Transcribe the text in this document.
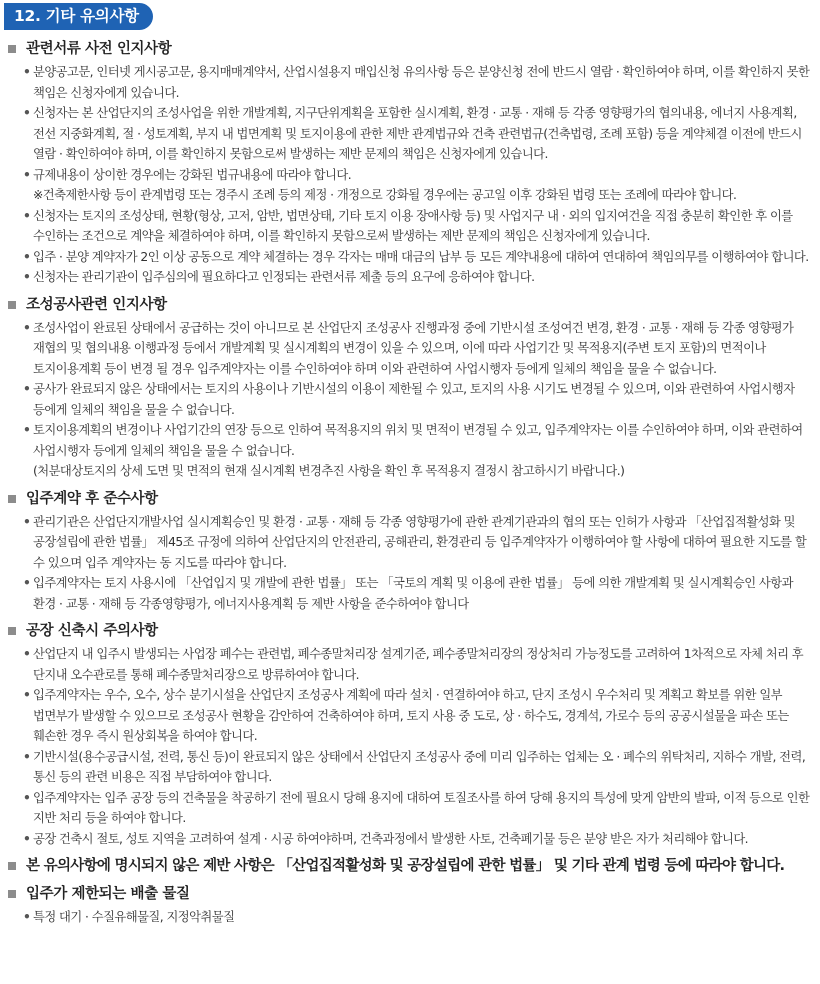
12. 기타 유의사항
관련서류 사전 인지사항
• 분양공고문, 인터넷 게시공고문, 용지매매계약서, 산업시설용지 매입신청 유의사항 등은 분양신청 전에 반드시 열람 · 확인하여야 하며, 이를 확인하지 못한 책임은 신청자에게 있습니다.
• 신청자는 본 산업단지의 조성사업을 위한 개발계획, 지구단위계획을 포함한 실시계획, 환경 · 교통 · 재해 등 각종 영향평가의 협의내용, 에너지 사용계획, 전선 지중화계획, 절 · 성토계획, 부지 내 법면계획 및 토지이용에 관한 제반 관계법규와 건축 관련법규(건축법령, 조례 포함) 등을 계약체결 이전에 반드시 열람 · 확인하여야 하며, 이를 확인하지 못함으로써 발생하는 제반 문제의 책임은 신청자에게 있습니다.
• 규제내용이 상이한 경우에는 강화된 법규내용에 따라야 합니다.
※건축제한사항 등이 관계법령 또는 경주시 조례 등의 제정 · 개정으로 강화될 경우에는 공고일 이후 강화된 법령 또는 조례에 따라야 합니다.
• 신청자는 토지의 조성상태, 현황(형상, 고저, 암반, 법면상태, 기타 토지 이용 장애사항 등) 및 사업지구 내 · 외의 입지여건을 직접 충분히 확인한 후 이를 수인하는 조건으로 계약을 체결하여야 하며, 이를 확인하지 못함으로써 발생하는 제반 문제의 책임은 신청자에게 있습니다.
• 입주 · 분양 계약자가 2인 이상 공동으로 계약 체결하는 경우 각자는 매매 대금의 납부 등 모든 계약내용에 대하여 연대하여 책임의무를 이행하여야 합니다.
• 신청자는 관리기관이 입주심의에 필요하다고 인정되는 관련서류 제출 등의 요구에 응하여야 합니다.
조성공사관련 인지사항
• 조성사업이 완료된 상태에서 공급하는 것이 아니므로 본 산업단지 조성공사 진행과정 중에 기반시설 조성여건 변경, 환경 · 교통 · 재해 등 각종 영향평가 재협의 및 협의내용 이행과정 등에서 개발계획 및 실시계획의 변경이 있을 수 있으며, 이에 따라 사업기간 및 목적용지(주변 토지 포함)의 면적이나 토지이용계획 등이 변경 될 경우 입주계약자는 이를 수인하여야 하며 이와 관련하여 사업시행자 등에게 일체의 책임을 물을 수 없습니다.
• 공사가 완료되지 않은 상태에서는 토지의 사용이나 기반시설의 이용이 제한될 수 있고, 토지의 사용 시기도 변경될 수 있으며, 이와 관련하여 사업시행자 등에게 일체의 책임을 물을 수 없습니다.
• 토지이용계획의 변경이나 사업기간의 연장 등으로 인하여 목적용지의 위치 및 면적이 변경될 수 있고, 입주계약자는 이를 수인하여야 하며, 이와 관련하여 사업시행자 등에게 일체의 책임을 물을 수 없습니다.
(처분대상토지의 상세 도면 및 면적의 현재 실시계획 변경추진 사항을 확인 후 목적용지 결정시 참고하시기 바랍니다.)
입주계약 후 준수사항
• 관리기관은 산업단지개발사업 실시계획승인 및 환경 · 교통 · 재해 등 각종 영향평가에 관한 관계기관과의 협의 또는 인허가 사항과 「산업집적활성화 및 공장설립에 관한 법률」 제45조 규정에 의하여 산업단지의 안전관리, 공해관리, 환경관리 등 입주계약자가 이행하여야 할 사항에 대하여 필요한 지도를 할 수 있으며 입주 계약자는 동 지도를 따라야 합니다.
• 입주계약자는 토지 사용시에 「산업입지 및 개발에 관한 법률」 또는 「국토의 계획 및 이용에 관한 법률」 등에 의한 개발계획 및 실시계획승인 사항과 환경 · 교통 · 재해 등 각종영향평가, 에너지사용계획 등 제반 사항을 준수하여야 합니다
공장 신축시 주의사항
• 산업단지 내 입주시 발생되는 사업장 폐수는 관련법, 폐수종말처리장 설계기준, 폐수종말처리장의 정상처리 가능정도를 고려하여 1차적으로 자체 처리 후 단지내 오수관로를 통해 폐수종말처리장으로 방류하여야 합니다.
• 입주계약자는 우수, 오수, 상수 분기시설을 산업단지 조성공사 계획에 따라 설치 · 연결하여야 하고, 단지 조성시 우수처리 및 계획고 확보를 위한 일부 법면부가 발생할 수 있으므로 조성공사 현황을 감안하여 건축하여야 하며, 토지 사용 중 도로, 상 · 하수도, 경계석, 가로수 등의 공공시설물을 파손 또는 훼손한 경우 즉시 원상회복을 하여야 합니다.
• 기반시설(용수공급시설, 전력, 통신 등)이 완료되지 않은 상태에서 산업단지 조성공사 중에 미리 입주하는 업체는 오 · 폐수의 위탁처리, 지하수 개발, 전력, 통신 등의 관련 비용은 직접 부담하여야 합니다.
• 입주계약자는 입주 공장 등의 건축물을 착공하기 전에 필요시 당해 용지에 대하여 토질조사를 하여 당해 용지의 특성에 맞게 암반의 발파, 이적 등으로 인한 지반 처리 등을 하여야 합니다.
• 공장 건축시 절토, 성토 지역을 고려하여 설계 · 시공 하여야하며, 건축과정에서 발생한 사토, 건축폐기물 등은 분양 받은 자가 처리해야 합니다.
본 유의사항에 명시되지 않은 제반 사항은 「산업집적활성화 및 공장설립에 관한 법률」 및 기타 관계 법령 등에 따라야 합니다.
입주가 제한되는 배출 물질
• 특정 대기 · 수질유해물질, 지정악취물질
